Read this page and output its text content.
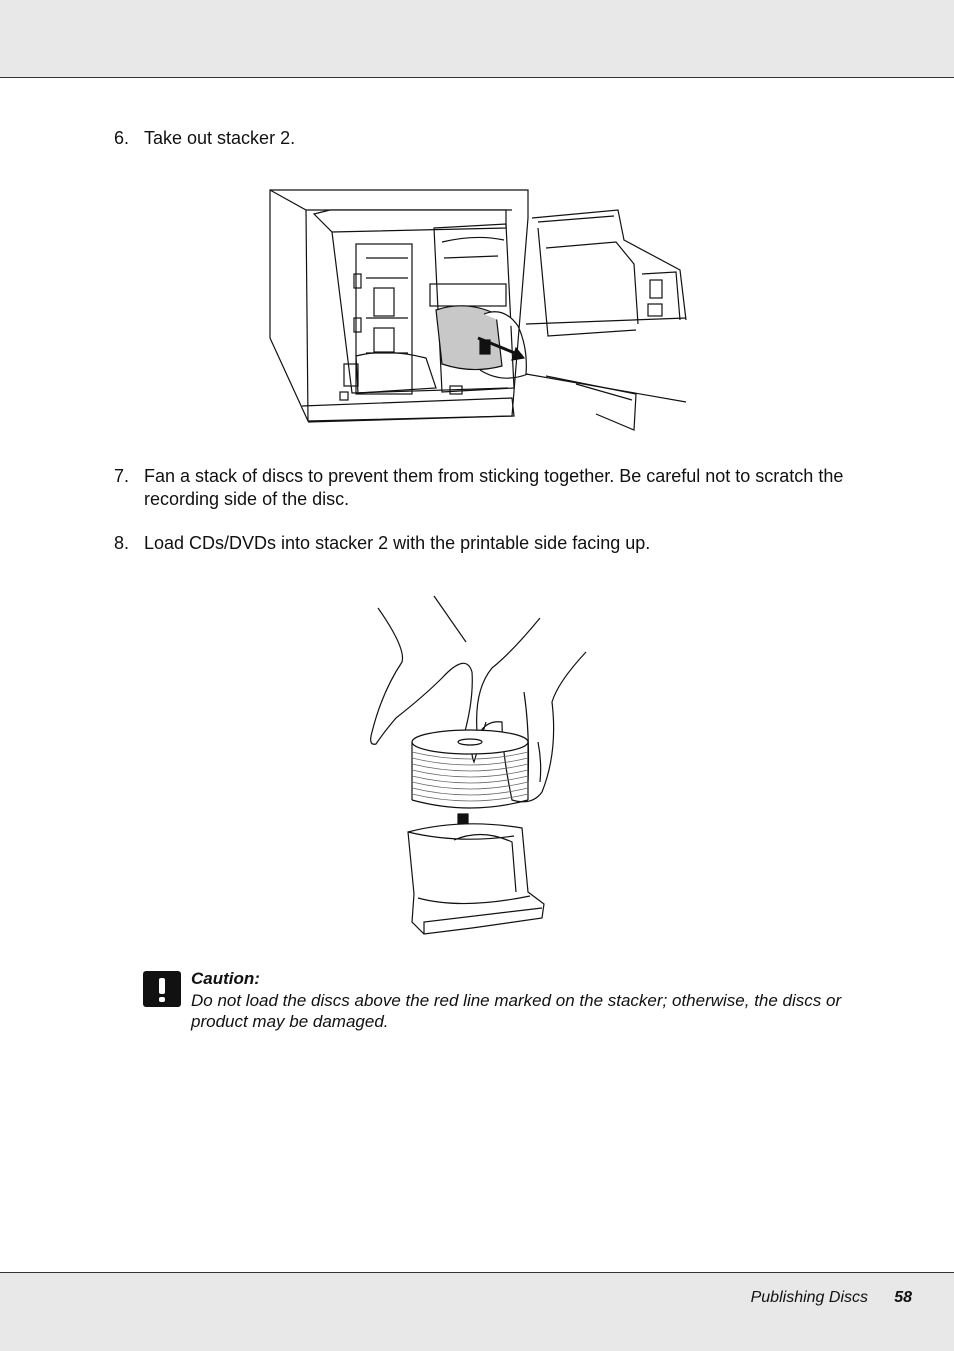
6. Take out stacker 2.
7. Fan a stack of discs to prevent them from sticking together. Be careful not to scratch the recording side of the disc.
8. Load CDs/DVDs into stacker 2 with the printable side facing up.
Caution:
Do not load the discs above the red line marked on the stacker; otherwise, the discs or product may be damaged.
Publishing Discs 58
